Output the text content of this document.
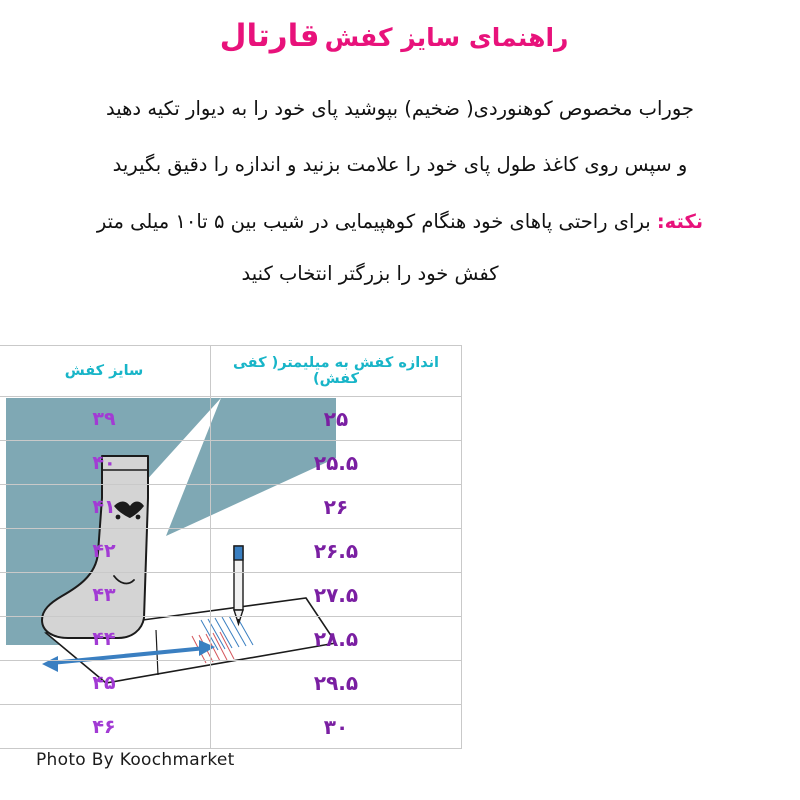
راهنمای سایز کفش قارتال
جوراب مخصوص کوهنوردی( ضخیم) بپوشید پای خود را به دیوار تکیه دهید
و سپس روی کاغذ طول پای خود را علامت بزنید و اندازه را دقیق بگیرید
نکته: برای راحتی پاهای خود هنگام کوهپیمایی در شیب بین ۵ تا۱۰ میلی متر
کفش خود را بزرگتر انتخاب کنید
اندازه کفش به میلیمتر( کفی کفش)	سایز کفش
۲۵	۳۹
۲۵.۵	۴۰
۲۶	۴۱
۲۶.۵	۴۲
۲۷.۵	۴۳
۲۸.۵	۴۴
۲۹.۵	۴۵
۳۰	۴۶
Photo By Koochmarket
